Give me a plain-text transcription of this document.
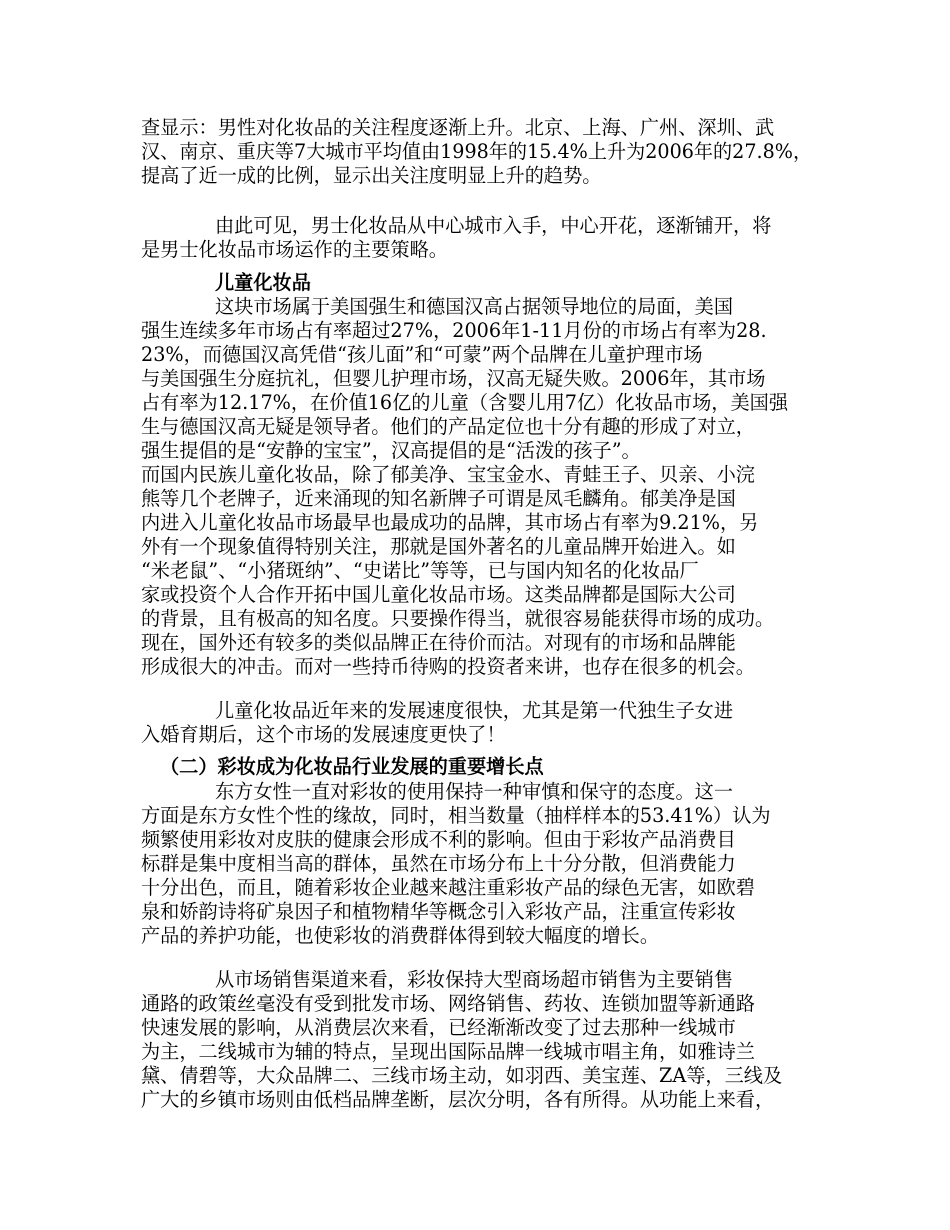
查显示：男性对化妆品的关注程度逐渐上升。北京、上海、广州、深圳、武
汉、南京、重庆等7大城市平均值由1998年的15.4%上升为2006年的27.8%，
提高了近一成的比例，显示出关注度明显上升的趋势。
由此可见，男士化妆品从中心城市入手，中心开花，逐渐铺开，将
是男士化妆品市场运作的主要策略。
儿童化妆品
这块市场属于美国强生和德国汉高占据领导地位的局面，美国
强生连续多年市场占有率超过27%，2006年1-11月份的市场占有率为28.
23%，而德国汉高凭借“孩儿面”和“可蒙”两个品牌在儿童护理市场
与美国强生分庭抗礼，但婴儿护理市场，汉高无疑失败。2006年，其市场
占有率为12.17%，在价值16亿的儿童（含婴儿用7亿）化妆品市场，美国强
生与德国汉高无疑是领导者。他们的产品定位也十分有趣的形成了对立，
强生提倡的是“安静的宝宝”，汉高提倡的是“活泼的孩子”。
而国内民族儿童化妆品，除了郁美净、宝宝金水、青蛙王子、贝亲、小浣
熊等几个老牌子，近来涌现的知名新牌子可谓是凤毛麟角。郁美净是国
内进入儿童化妆品市场最早也最成功的品牌，其市场占有率为9.21%，另
外有一个现象值得特别关注，那就是国外著名的儿童品牌开始进入。如
“米老鼠”、“小猪斑纳”、“史诺比”等等，已与国内知名的化妆品厂
家或投资个人合作开拓中国儿童化妆品市场。这类品牌都是国际大公司
的背景，且有极高的知名度。只要操作得当，就很容易能获得市场的成功。
现在，国外还有较多的类似品牌正在待价而沽。对现有的市场和品牌能
形成很大的冲击。而对一些持币待购的投资者来讲，也存在很多的机会。
儿童化妆品近年来的发展速度很快，尤其是第一代独生子女进
入婚育期后，这个市场的发展速度更快了！
（二）彩妆成为化妆品行业发展的重要增长点
东方女性一直对彩妆的使用保持一种审慎和保守的态度。这一
方面是东方女性个性的缘故，同时，相当数量（抽样样本的53.41%）认为
频繁使用彩妆对皮肤的健康会形成不利的影响。但由于彩妆产品消费目
标群是集中度相当高的群体，虽然在市场分布上十分分散，但消费能力
十分出色，而且，随着彩妆企业越来越注重彩妆产品的绿色无害，如欧碧
泉和娇韵诗将矿泉因子和植物精华等概念引入彩妆产品，注重宣传彩妆
产品的养护功能，也使彩妆的消费群体得到较大幅度的增长。
从市场销售渠道来看，彩妆保持大型商场超市销售为主要销售
通路的政策丝毫没有受到批发市场、网络销售、药妆、连锁加盟等新通路
快速发展的影响，从消费层次来看，已经渐渐改变了过去那种一线城市
为主，二线城市为辅的特点，呈现出国际品牌一线城市唱主角，如雅诗兰
黛、倩碧等，大众品牌二、三线市场主动，如羽西、美宝莲、ZA等，三线及
广大的乡镇市场则由低档品牌垄断，层次分明，各有所得。从功能上来看，
